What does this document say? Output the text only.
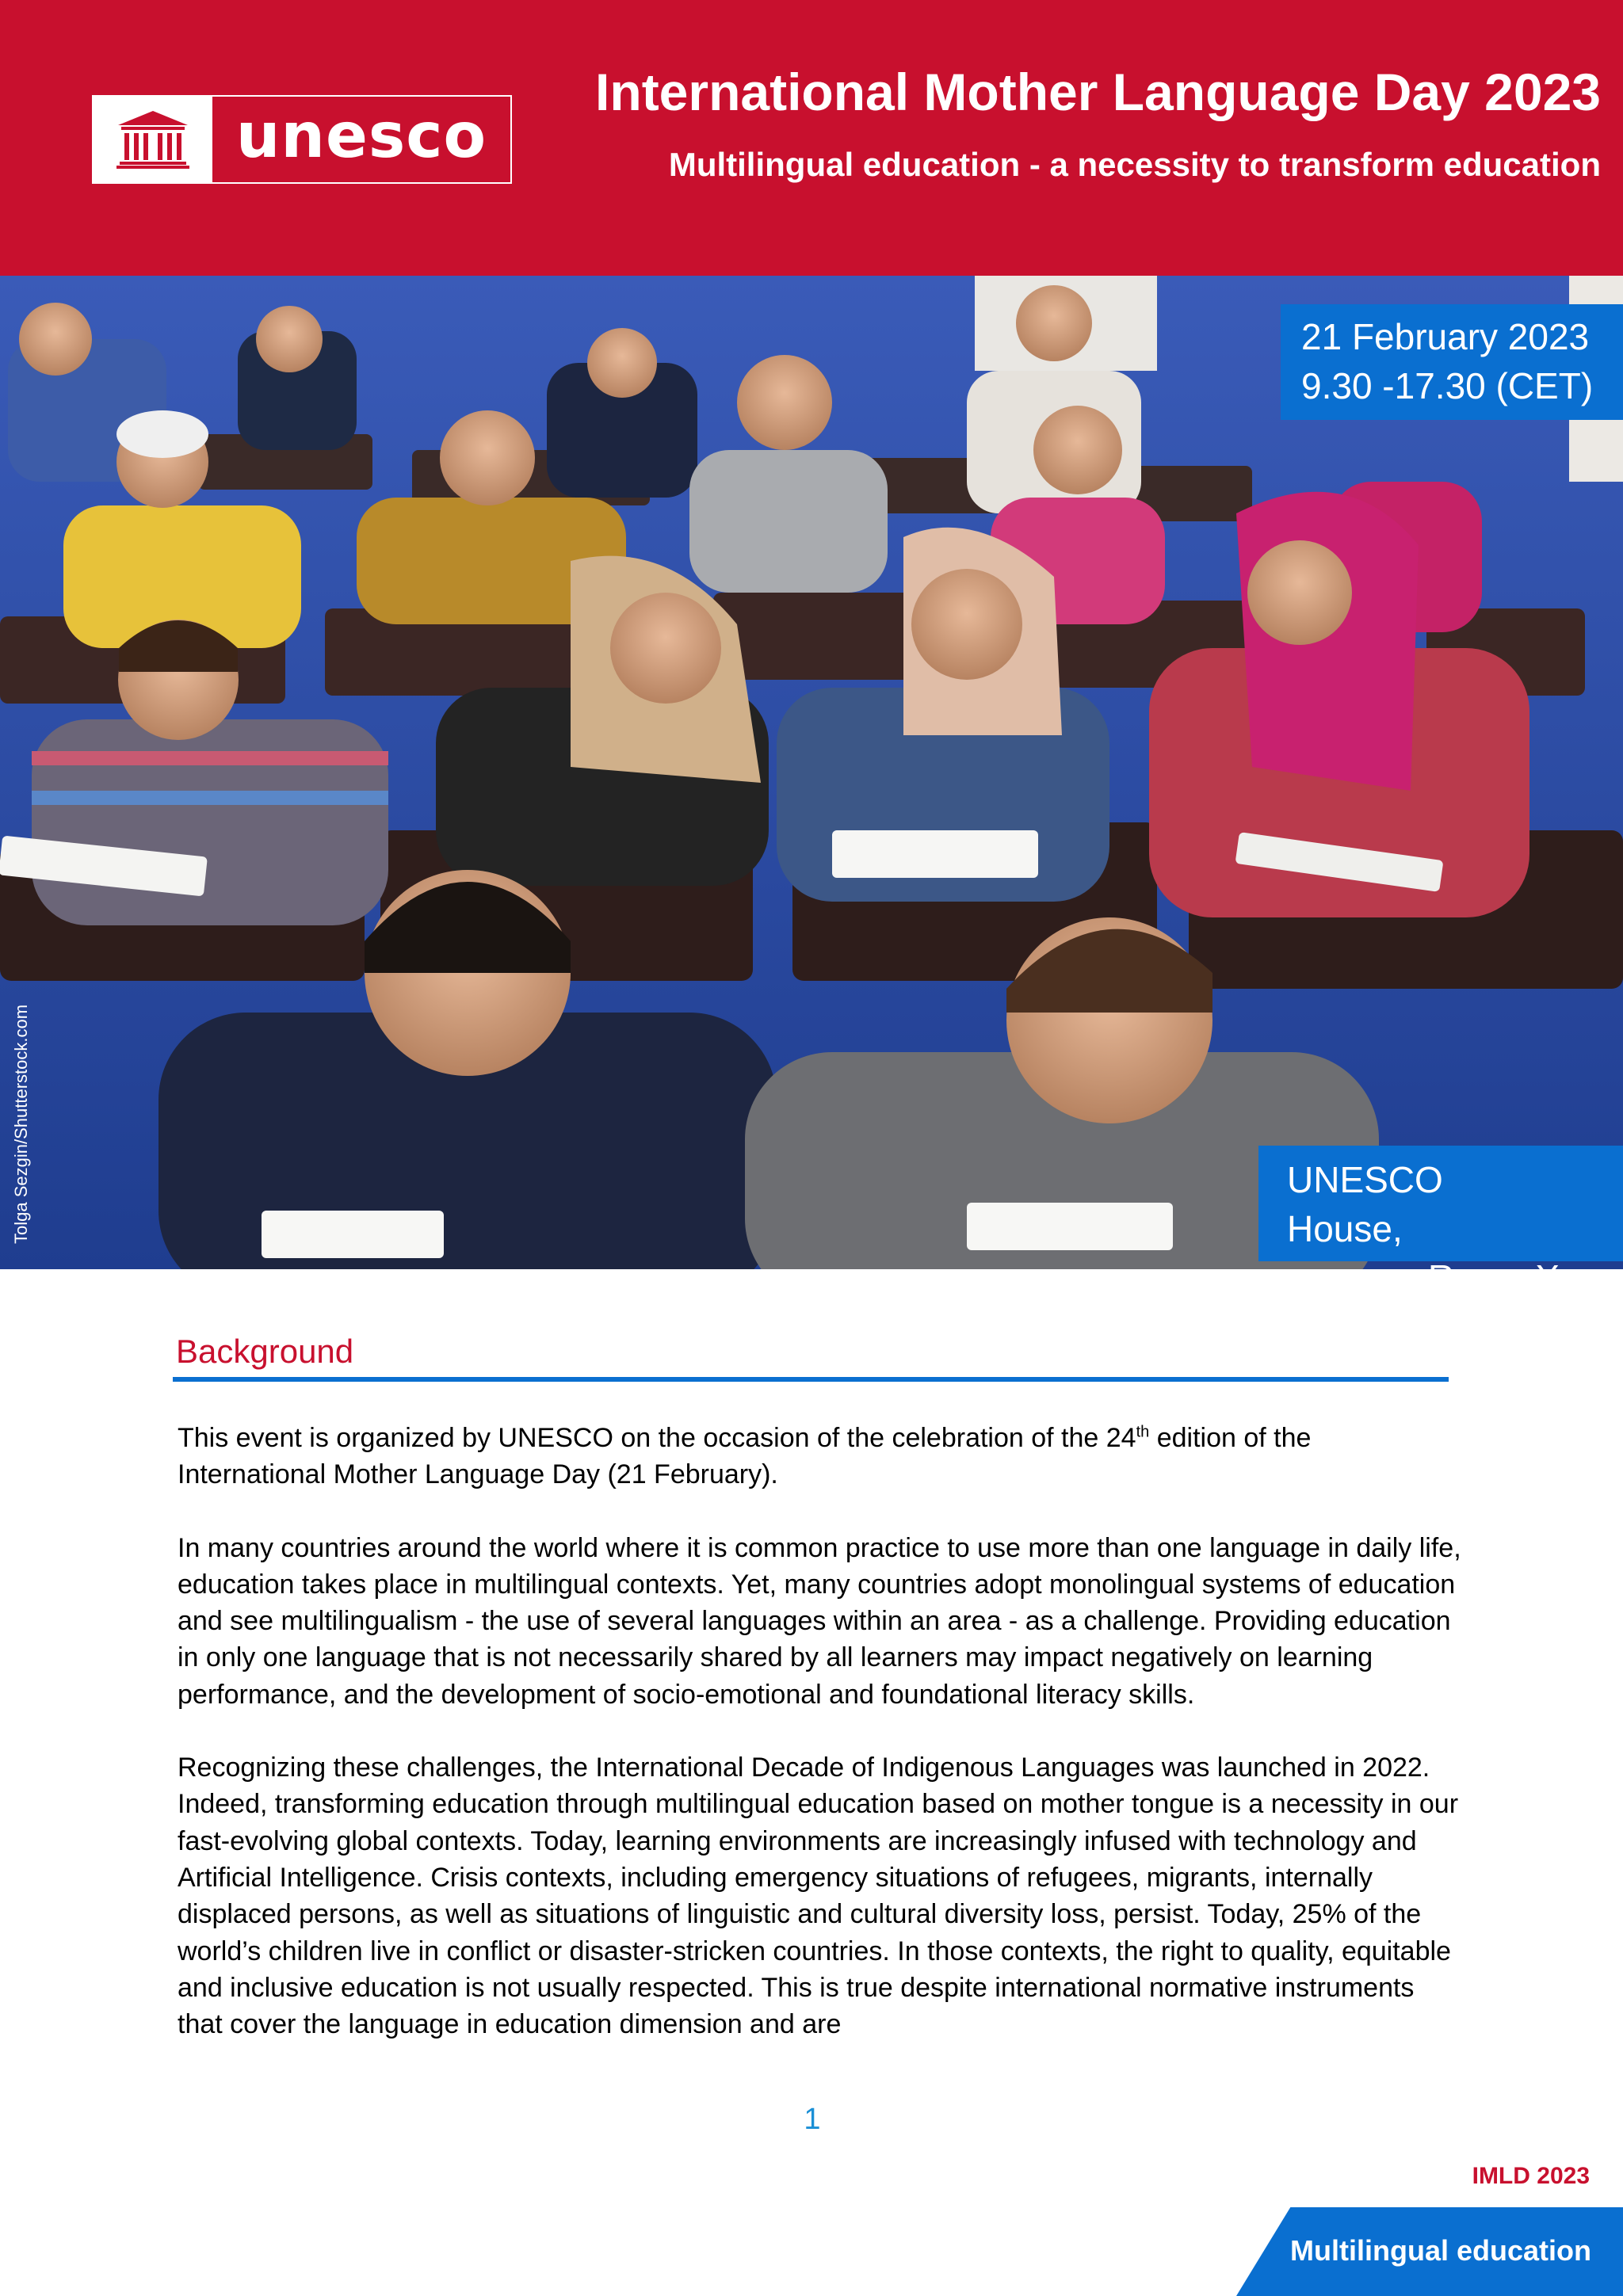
unesco
International Mother Language Day 2023
Multilingual education - a necessity to transform education
Tolga Sezgin/Shutterstock.com
21 February 2023
9.30 -17.30 (CET)
UNESCO House,
Room X
Background

This event is organized by UNESCO on the occasion of the celebration of the 24th edition of the International Mother Language Day (21 February).

In many countries around the world where it is common practice to use more than one language in daily life, education takes place in multilingual contexts. Yet, many countries adopt monolingual systems of education and see multilingualism - the use of several languages within an area - as a challenge. Providing education in only one language that is not necessarily shared by all learners may impact negatively on learning performance, and the development of socio-emotional and foundational literacy skills.

Recognizing these challenges, the International Decade of Indigenous Languages was launched in 2022. Indeed, transforming education through multilingual education based on mother tongue is a necessity in our fast-evolving global contexts. Today, learning environments are increasingly infused with technology and Artificial Intelligence. Crisis contexts, including emergency situations of refugees, migrants, internally displaced persons, as well as situations of linguistic and cultural diversity loss, persist. Today, 25% of the world’s children live in conflict or disaster-stricken countries. In those contexts, the right to quality, equitable and inclusive education is not usually respected. This is true despite international normative instruments that cover the language in education dimension and are

1
IMLD 2023
Multilingual education
